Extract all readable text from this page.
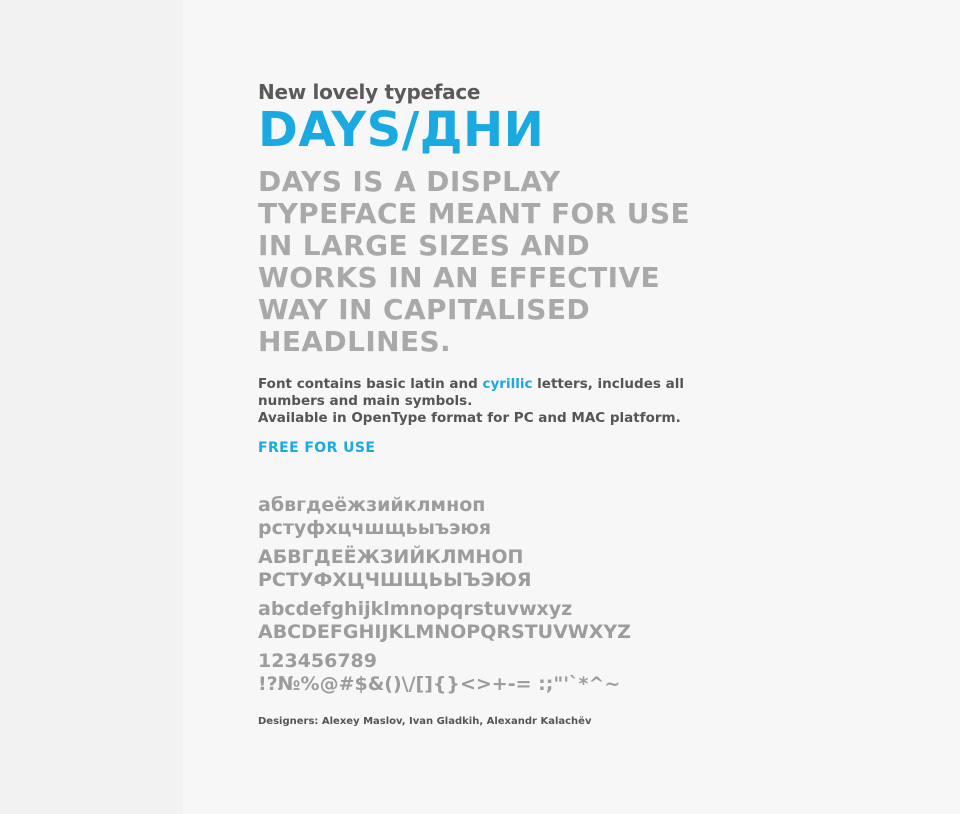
New lovely typeface

DAYS/ДНИ
DAYS IS A DISPLAY TYPEFACE MEANT FOR USE IN LARGE SIZES AND WORKS IN AN EFFECTIVE WAY IN CAPITALISED HEADLINES.
Font contains basic latin and cyrillic letters, includes all
numbers and main symbols.
Available in OpenType format for PC and MAC platform.
FREE FOR USE
абвгдеёжзийклмноп
рстуфхцчшщьыъэюя
АБВГДЕЁЖЗИЙКЛМНОП
РСТУФХЦЧШЩЬЫЪЭЮЯ
abcdefghijklmnopqrstuvwxyz
ABCDEFGHIJKLMNOPQRSTUVWXYZ
123456789
!?№%@#$&()\/[]{}<>+-= :;"'`*^~
Designers: Alexey Maslov, Ivan Gladkih, Alexandr Kalachёv
